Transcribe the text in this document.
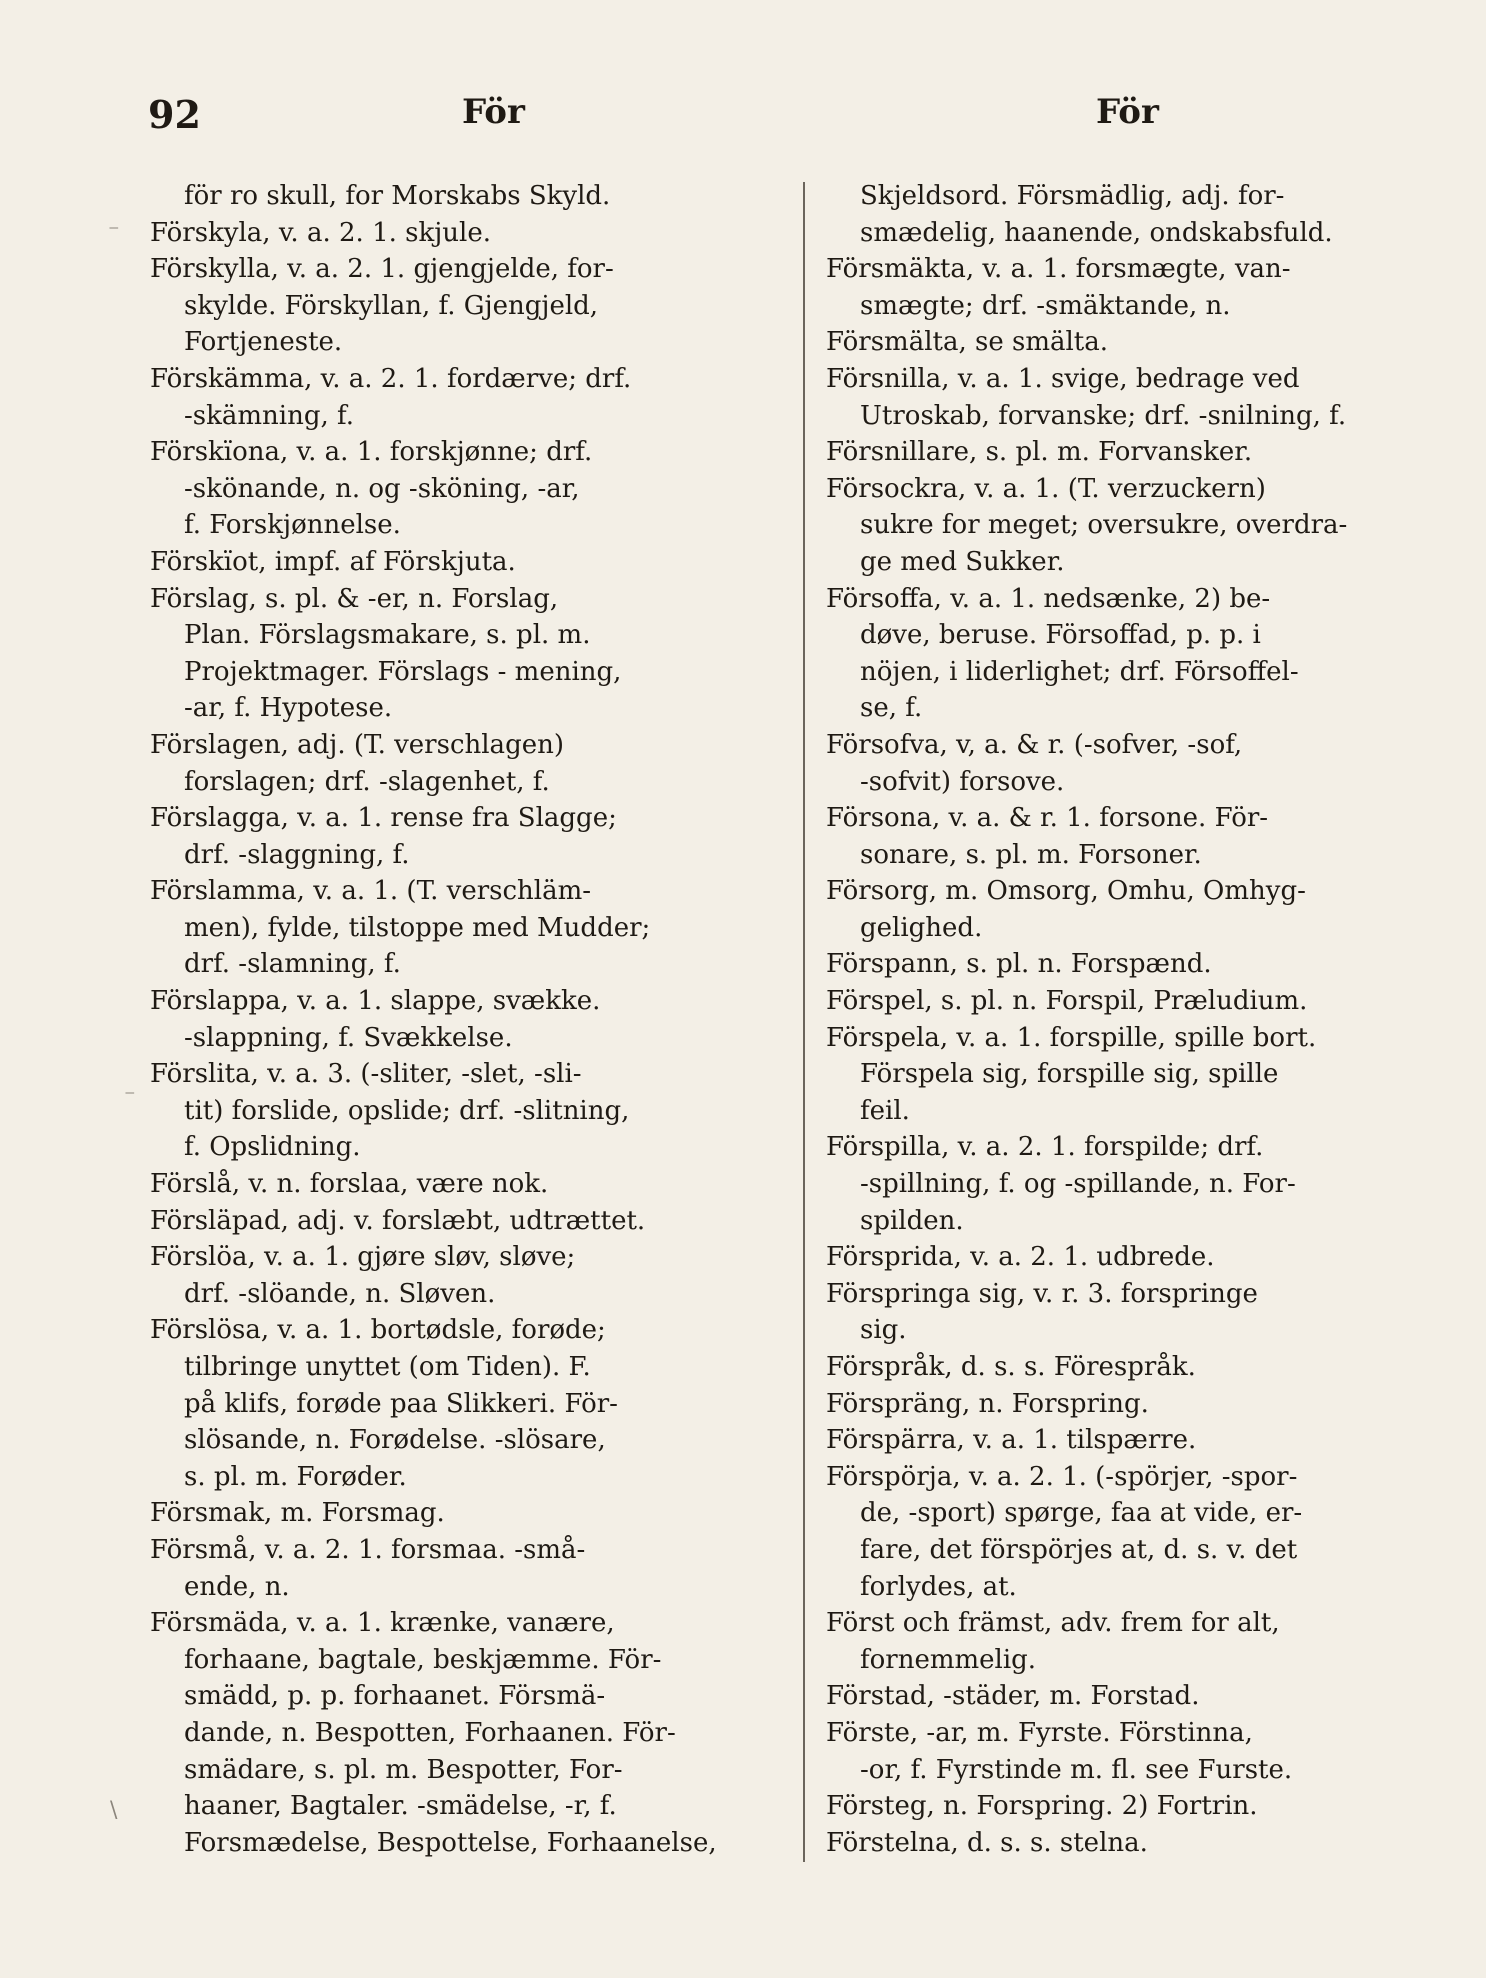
92	För	För
för ro skull, for Morskabs Skyld.
Förskyla, v. a. 2. 1. skjule.
Förskylla, v. a. 2. 1. gjengjelde, for-
skylde. Förskyllan, f. Gjengjeld,
Fortjeneste.
Förskämma, v. a. 2. 1. fordærve; drf.
-skämning, f.
Förskïona, v. a. 1. forskjønne; drf.
-skönande, n. og -sköning, -ar,
f. Forskjønnelse.
Förskïot, impf. af Förskjuta.
Förslag, s. pl. & -er, n. Forslag,
Plan. Förslagsmakare, s. pl. m.
Projektmager. Förslags - mening,
-ar, f. Hypotese.
Förslagen, adj. (T. verschlagen)
forslagen; drf. -slagenhet, f.
Förslagga, v. a. 1. rense fra Slagge;
drf. -slaggning, f.
Förslamma, v. a. 1. (T. verschläm-
men), fylde, tilstoppe med Mudder;
drf. -slamning, f.
Förslappa, v. a. 1. slappe, svække.
-slappning, f. Svækkelse.
Förslita, v. a. 3. (-sliter, -slet, -sli-
tit) forslide, opslide; drf. -slitning,
f. Opslidning.
Förslå, v. n. forslaa, være nok.
Försläpad, adj. v. forslæbt, udtrættet.
Förslöa, v. a. 1. gjøre sløv, sløve;
drf. -slöande, n. Sløven.
Förslösa, v. a. 1. bortødsle, forøde;
tilbringe unyttet (om Tiden). F.
på klifs, forøde paa Slikkeri. För-
slösande, n. Forødelse. -slösare,
s. pl. m. Forøder.
Försmak, m. Forsmag.
Försmå, v. a. 2. 1. forsmaa. -små-
ende, n.
Försmäda, v. a. 1. krænke, vanære,
forhaane, bagtale, beskjæmme. För-
smädd, p. p. forhaanet. Försmä-
dande, n. Bespotten, Forhaanen. För-
smädare, s. pl. m. Bespotter, For-
haaner, Bagtaler. -smädelse, -r, f.
Forsmædelse, Bespottelse, Forhaanelse,
Skjeldsord. Försmädlig, adj. for-
smædelig, haanende, ondskabsfuld.
Försmäkta, v. a. 1. forsmægte, van-
smægte; drf. -smäktande, n.
Försmälta, se smälta.
Försnilla, v. a. 1. svige, bedrage ved
Utroskab, forvanske; drf. -snilning, f.
Försnillare, s. pl. m. Forvansker.
Försockra, v. a. 1. (T. verzuckern)
sukre for meget; oversukre, overdra-
ge med Sukker.
Försoffa, v. a. 1. nedsænke, 2) be-
døve, beruse. Försoffad, p. p. i
nöjen, i liderlighet; drf. Försoffel-
se, f.
Försofva, v, a. & r. (-sofver, -sof,
-sofvit) forsove.
Försona, v. a. & r. 1. forsone. För-
sonare, s. pl. m. Forsoner.
Försorg, m. Omsorg, Omhu, Omhyg-
gelighed.
Förspann, s. pl. n. Forspænd.
Förspel, s. pl. n. Forspil, Præludium.
Förspela, v. a. 1. forspille, spille bort.
Förspela sig, forspille sig, spille
feil.
Förspilla, v. a. 2. 1. forspilde; drf.
-spillning, f. og -spillande, n. For-
spilden.
Försprida, v. a. 2. 1. udbrede.
Förspringa sig, v. r. 3. forspringe
sig.
Förspråk, d. s. s. Förespråk.
Förspräng, n. Forspring.
Förspärra, v. a. 1. tilspærre.
Förspörja, v. a. 2. 1. (-spörjer, -spor-
de, -sport) spørge, faa at vide, er-
fare, det förspörjes at, d. s. v. det
forlydes, at.
Först och främst, adv. frem for alt,
fornemmelig.
Förstad, -städer, m. Forstad.
Förste, -ar, m. Fyrste. Förstinna,
-or, f. Fyrstinde m. fl. see Furste.
Försteg, n. Forspring. 2) Fortrin.
Förstelna, d. s. s. stelna.
⁻
⁻
\
